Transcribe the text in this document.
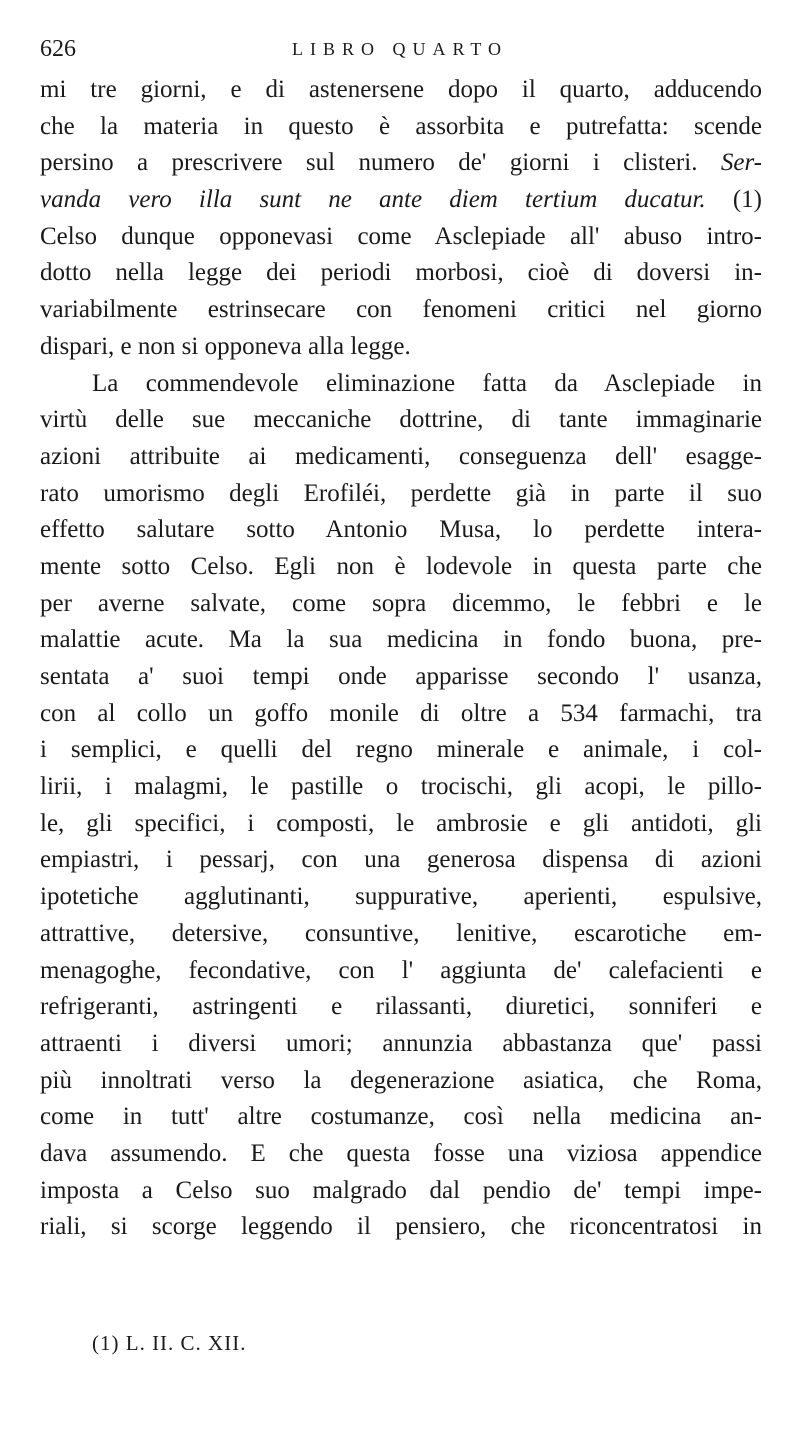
626	LIBRO QUARTO
mi tre giorni, e di astenersene dopo il quarto, adducendo
che la materia in questo è assorbita e putrefatta: scende
persino a prescrivere sul numero de' giorni i clisteri. Ser-
vanda vero illa sunt ne ante diem tertium ducatur. (1)
Celso dunque opponevasi come Asclepiade all' abuso intro-
dotto nella legge dei periodi morbosi, cioè di doversi in-
variabilmente estrinsecare con fenomeni critici nel giorno
dispari, e non si opponeva alla legge.
La commendevole eliminazione fatta da Asclepiade in
virtù delle sue meccaniche dottrine, di tante immaginarie
azioni attribuite ai medicamenti, conseguenza dell' esagge-
rato umorismo degli Erofiléi, perdette già in parte il suo
effetto salutare sotto Antonio Musa, lo perdette intera-
mente sotto Celso. Egli non è lodevole in questa parte che
per averne salvate, come sopra dicemmo, le febbri e le
malattie acute. Ma la sua medicina in fondo buona, pre-
sentata a' suoi tempi onde apparisse secondo l' usanza,
con al collo un goffo monile di oltre a 534 farmachi, tra
i semplici, e quelli del regno minerale e animale, i col-
lirii, i malagmi, le pastille o trocischi, gli acopi, le pillo-
le, gli specifici, i composti, le ambrosie e gli antidoti, gli
empiastri, i pessarj, con una generosa dispensa di azioni
ipotetiche agglutinanti, suppurative, aperienti, espulsive,
attrattive, detersive, consuntive, lenitive, escarotiche em-
menagoghe, fecondative, con l' aggiunta de' calefacienti e
refrigeranti, astringenti e rilassanti, diuretici, sonniferi e
attraenti i diversi umori; annunzia abbastanza que' passi
più innoltrati verso la degenerazione asiatica, che Roma,
come in tutt' altre costumanze, così nella medicina an-
dava assumendo. E che questa fosse una viziosa appendice
imposta a Celso suo malgrado dal pendio de' tempi impe-
riali, si scorge leggendo il pensiero, che riconcentratosi in
(1) L. II. C. XII.
